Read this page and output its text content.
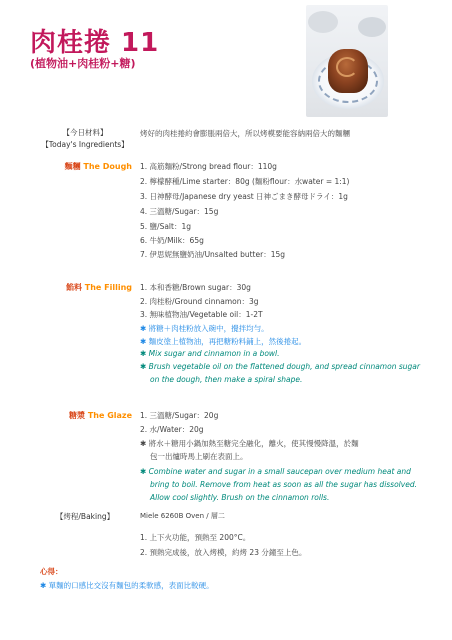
肉桂捲 11
(植物油+肉桂粉+糖)
【今日材料】
【Today's Ingredients】
烤好的肉桂捲約會膨脹兩倍大，所以烤模要能容納兩倍大的麵糰
麵糰 The Dough 1. 高筋麵粉/Strong bread flour：110g
2. 檸檬酵種/Lime starter：80g (麵粉flour：水water = 1:1)
3. 日神酵母/Japanese dry yeast 日神ごまき酵母ドライ：1g
4. 三溫糖/Sugar：15g
5. 鹽/Salt：1g
6. 牛奶/Milk：65g
7. 伊思妮無鹽奶油/Unsalted butter：15g
餡料 The Filling 1. 本和香糖/Brown sugar：30g
2. 肉桂粉/Ground cinnamon：3g
3. 無味植物油/Vegetable oil：1-2T
✱ 將糖＋肉桂粉放入碗中，攪拌均勻。
✱ 麵皮塗上植物油，再把糖粉料鋪上，然後捲起。
✱ Mix sugar and cinnamon in a bowl.
✱ Brush vegetable oil on the flattened dough, and spread cinnamon sugar
on the dough, then make a spiral shape.
糖漿 The Glaze 1. 三溫糖/Sugar：20g
2. 水/Water：20g
✱ 將水＋糖用小鍋加熱至糖完全融化，離火，使其慢慢降溫，於麵
包一出爐時馬上刷在表面上。
✱ Combine water and sugar in a small saucepan over medium heat and
bring to boil. Remove from heat as soon as all the sugar has dissolved.
Allow cool slightly. Brush on the cinnamon rolls.
【烤程/Baking】	Miele 6260B Oven / 層二
1. 上下火功能，預熱至 200°C。
2. 預熱完成後，放入烤模，約烤 23 分鐘至上色。
心得：
✱ 單麵的口感比交沒有麵包的柔軟感，表面比較硬。
